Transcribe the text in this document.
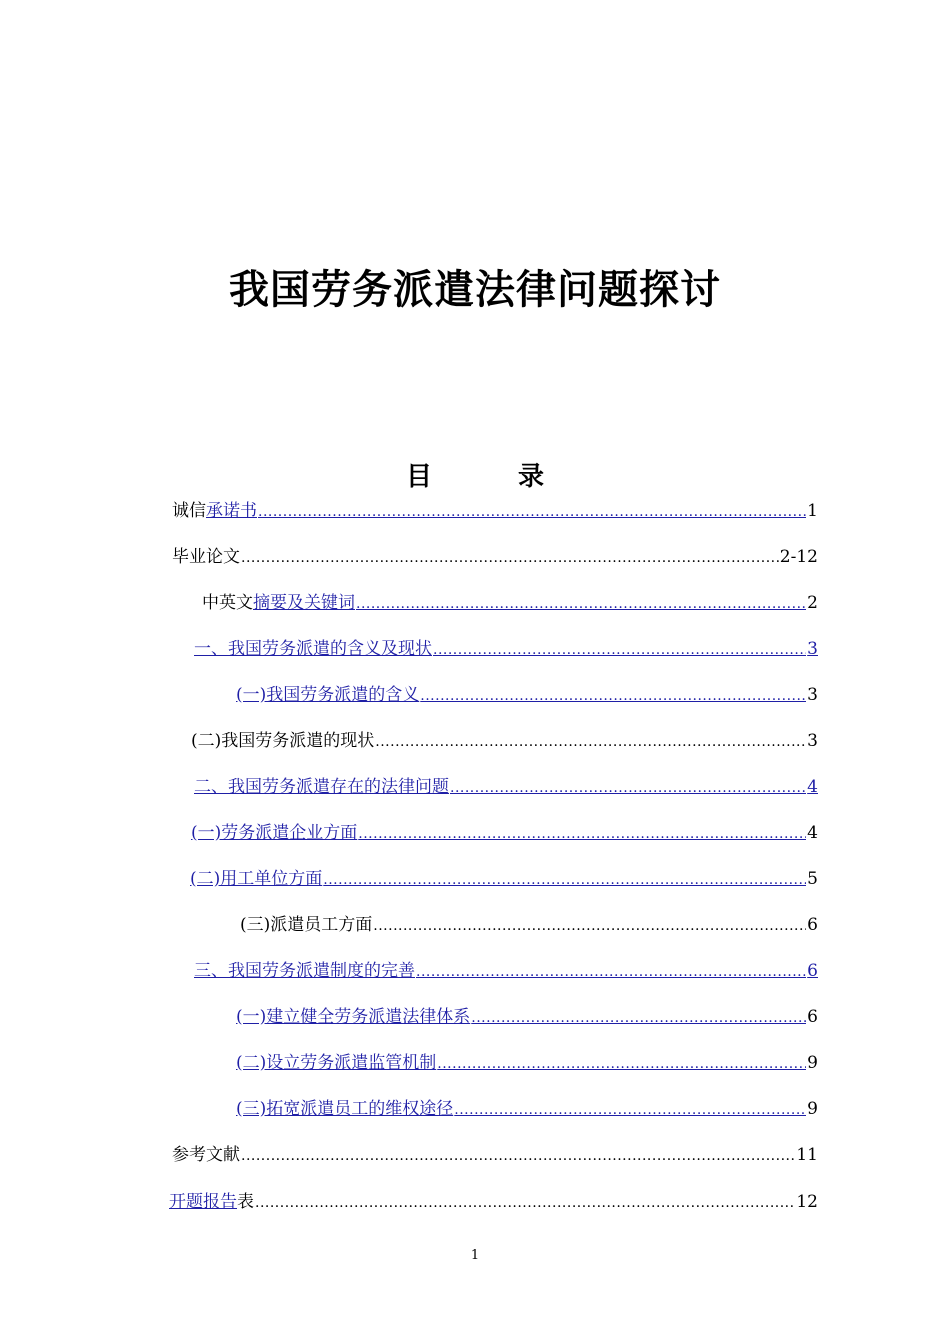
我国劳务派遣法律问题探讨
目　录
诚信 承诺书 .....	1
毕业论文 .....	2-12
中英文 摘要及关键词 .....	2
一、我国劳务派遣的含义及现状 .....	3
(一)我国劳务派遣的含义 .....	3
(二)我国劳务派遣的现状 .....	3
二、我国劳务派遣存在的法律问题 .....	4
(一)劳务派遣企业方面 .....	4
(二)用工单位方面 .....	5
(三)派遣员工方面 .....	6
三、我国劳务派遣制度的完善 .....	6
(一)建立健全劳务派遣法律体系 .....	6
(二)设立劳务派遣监管机制 .....	9
(三)拓宽派遣员工的维权途径 .....	9
参考文献 .....	11
开题报告 表 .....	12
1
